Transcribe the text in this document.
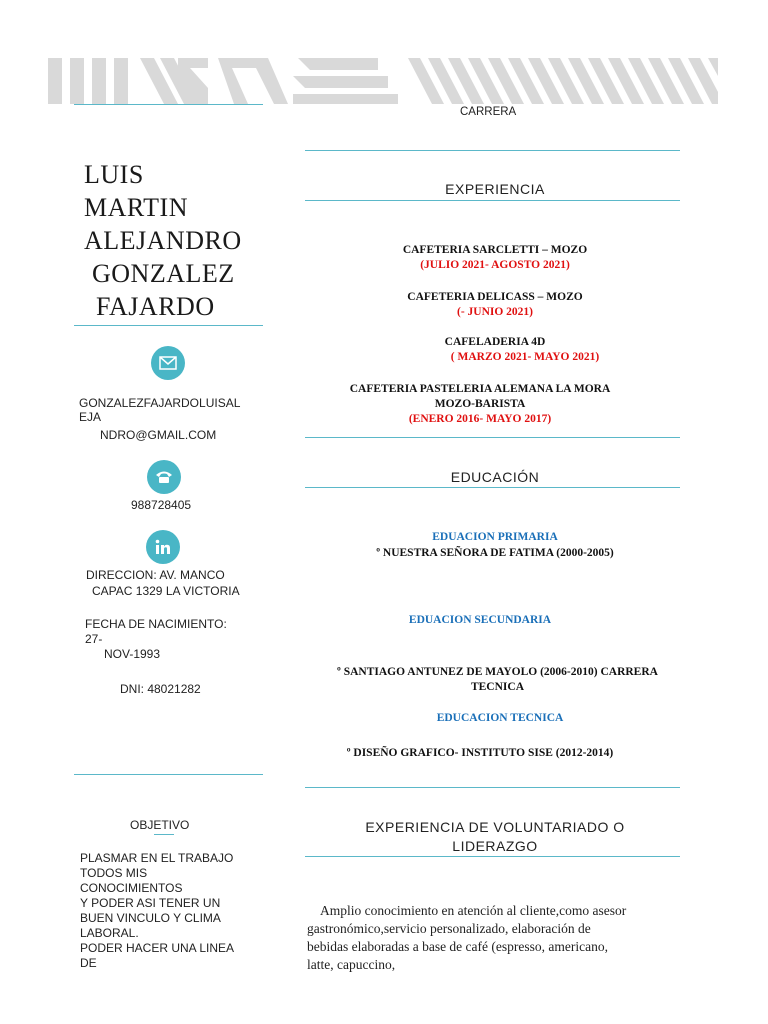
LUIS
MARTIN
ALEJANDRO
GONZALEZ
FAJARDO
GONZALEZFAJARDOLUISAL
EJA
NDRO@GMAIL.COM
988728405
DIRECCION: AV. MANCO
CAPAC 1329 LA VICTORIA
FECHA DE NACIMIENTO:
27-
NOV-1993
DNI: 48021282
OBJETIVO
PLASMAR EN EL TRABAJO
TODOS MIS
CONOCIMIENTOS
Y PODER ASI TENER UN
BUEN VINCULO Y CLIMA
LABORAL.
PODER HACER UNA LINEA
DE
CARRERA
EXPERIENCIA
CAFETERIA SARCLETTI – MOZO
(JULIO 2021- AGOSTO 2021)
CAFETERIA DELICASS – MOZO
(- JUNIO 2021)
CAFELADERIA 4D
( MARZO 2021- MAYO 2021)
CAFETERIA PASTELERIA ALEMANA LA MORA
MOZO-BARISTA
(ENERO 2016- MAYO 2017)
EDUCACIÓN
EDUACION PRIMARIA
º NUESTRA SEÑORA DE FATIMA (2000-2005)
EDUACION SECUNDARIA
º SANTIAGO ANTUNEZ DE MAYOLO (2006-2010) CARRERA
TECNICA
EDUCACION TECNICA
º DISEÑO GRAFICO- INSTITUTO SISE (2012-2014)
EXPERIENCIA DE VOLUNTARIADO O
LIDERAZGO
Amplio conocimiento en atención al cliente,como asesor
gastronómico,servicio personalizado, elaboración de
bebidas elaboradas a base de café (espresso, americano,
latte, capuccino,
